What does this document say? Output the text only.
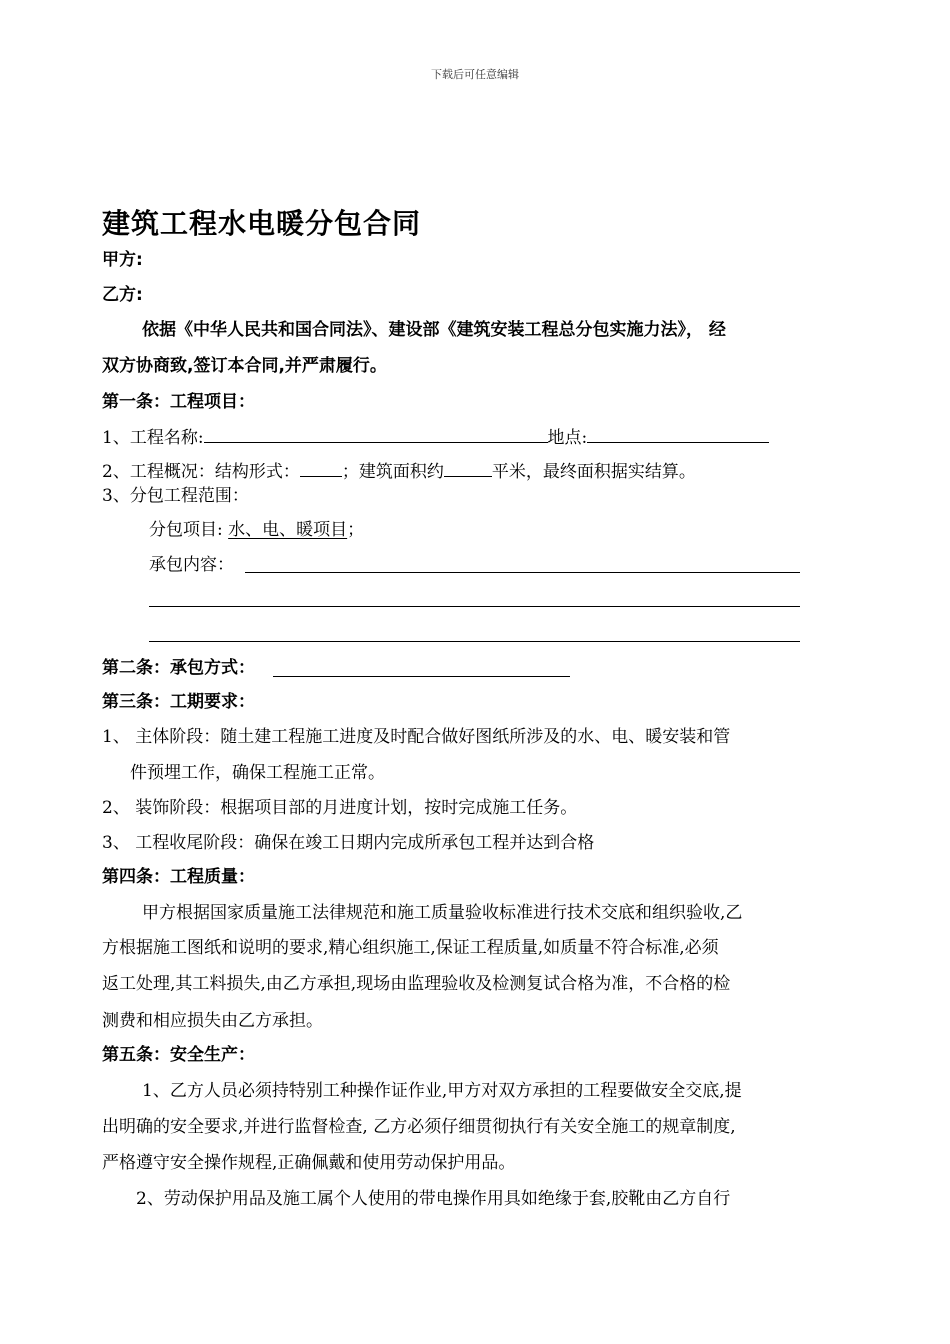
下载后可任意编辑
建筑工程水电暖分包合同
甲方:
乙方:
依据《中华人民共和国合同法》、建设部《建筑安装工程总分包实施力法》， 经
双方协商致,签订本合同,并严肃履行。
第一条：工程项目：
1、工程名称:	地点:
2、工程概况：结构形式： ；建筑面积约	平米，最终面积据实结算。
3、分包工程范围：
分包项目: 水、电、暖项目；
承包内容：
第二条：承包方式：
第三条：工期要求：
1、 主体阶段：随土建工程施工进度及时配合做好图纸所涉及的水、电、暖安装和管
件预埋工作，确保工程施工正常。
2、 装饰阶段：根据项目部的月进度计划，按时完成施工任务。
3、 工程收尾阶段：确保在竣工日期内完成所承包工程并达到合格
第四条：工程质量：
甲方根据国家质量施工法律规范和施工质量验收标准进行技术交底和组织验收,乙
方根据施工图纸和说明的要求,精心组织施工,保证工程质量,如质量不符合标准,必须
返工处理,其工料损失,由乙方承担,现场由监理验收及检测复试合格为准，不合格的检
测费和相应损失由乙方承担。
第五条：安全生产：
1、乙方人员必须持特别工种操作证作业,甲方对双方承担的工程要做安全交底,提
出明确的安全要求,并进行监督检查, 乙方必须仔细贯彻执行有关安全施工的规章制度,
严格遵守安全操作规程,正确佩戴和使用劳动保护用品。
2、劳动保护用品及施工属个人使用的带电操作用具如绝缘于套,胶靴由乙方自行
